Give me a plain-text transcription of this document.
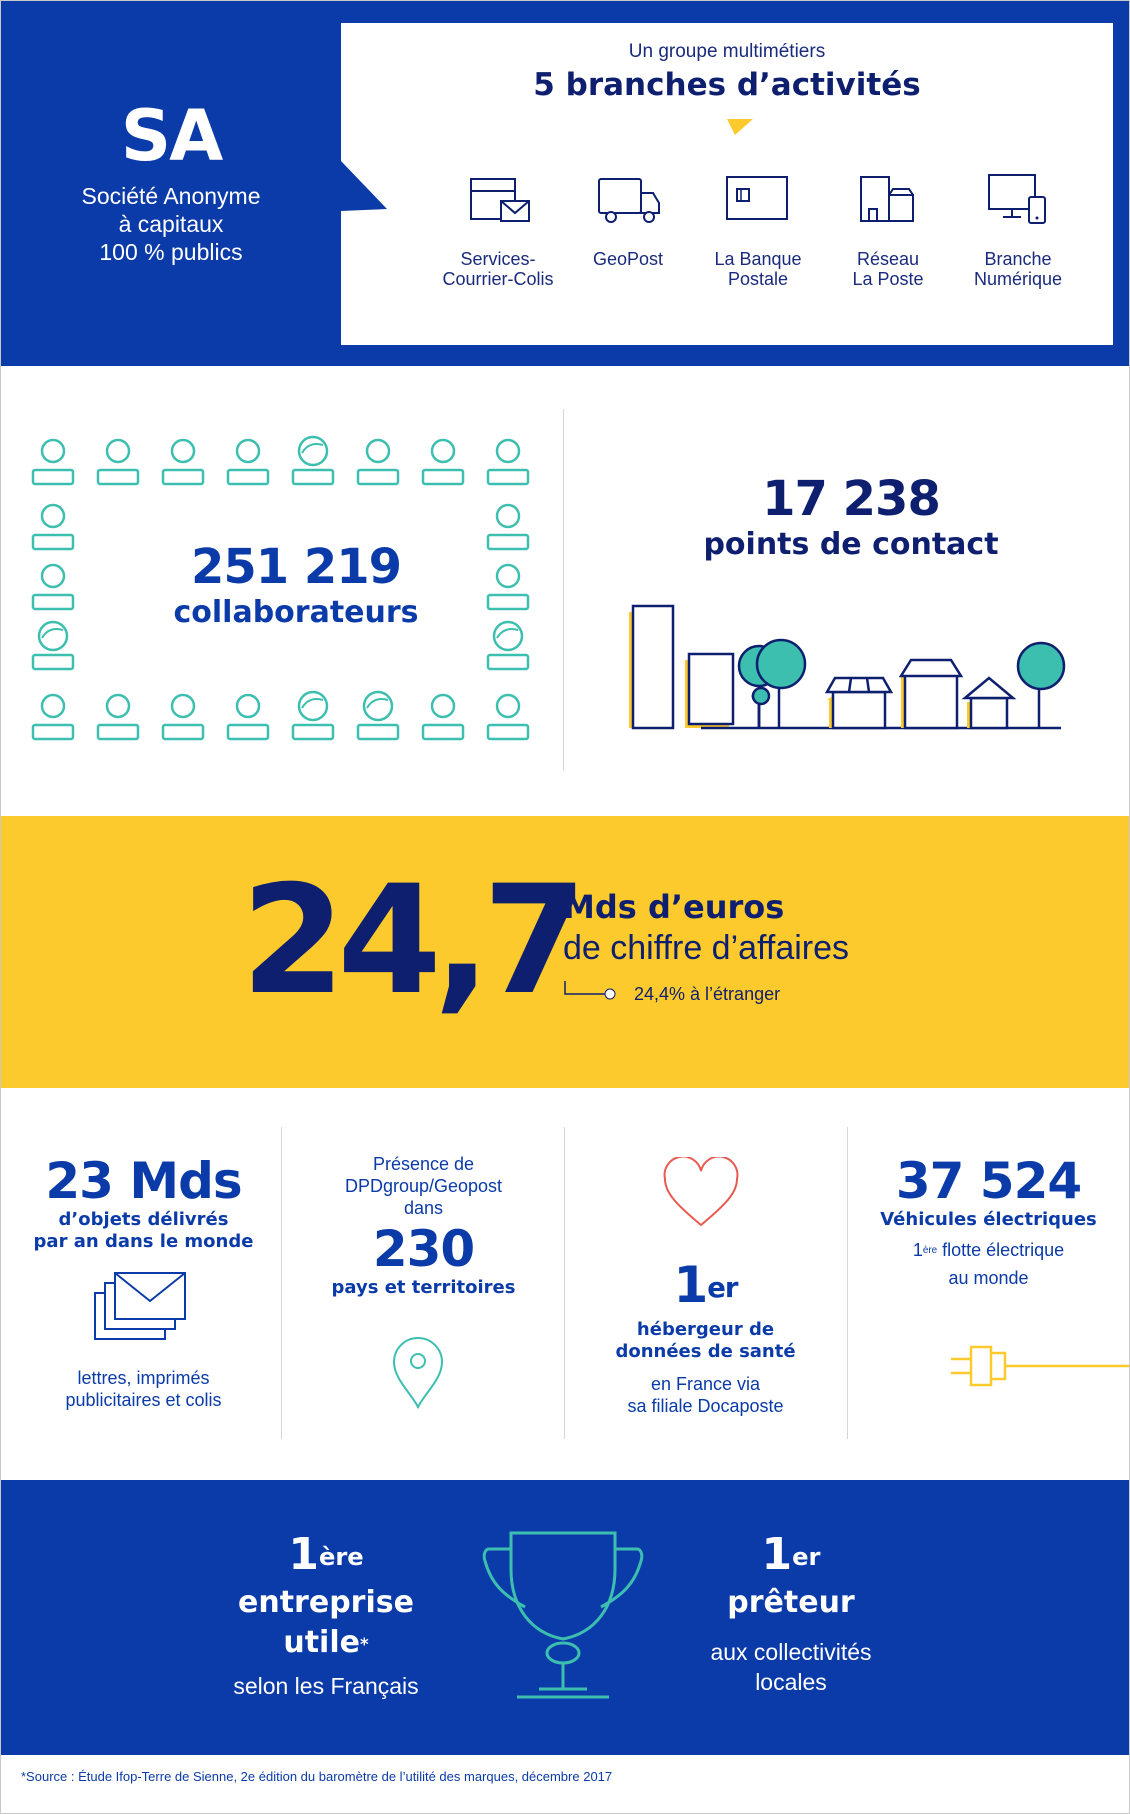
SA
Société Anonyme
à capitaux
100 % publics
Un groupe multimétiers
5 branches d’activités
Services-
Courrier-Colis
GeoPost	La Banque
Postale
Réseau
La Poste
Branche
Numérique
251 219
collaborateurs
17 238
points de contact
24,7
Mds d’euros
de chiffre d’affaires
24,4% à l’étranger
23 Mds
d’objets délivrés
par an dans le monde
lettres, imprimés
publicitaires et colis
Présence de
DPDgroup/Geopost
dans
230
pays et territoires	1er
hébergeur de
données de santé
en France via
sa filiale Docaposte
37 524
Véhicules électriques
1ère flotte électrique
au monde
1ère
entreprise
utile*
selon les Français
1er
prêteur
aux collectivités
locales
*Source : Étude Ifop-Terre de Sienne, 2e édition du baromètre de l’utilité des marques, décembre 2017
